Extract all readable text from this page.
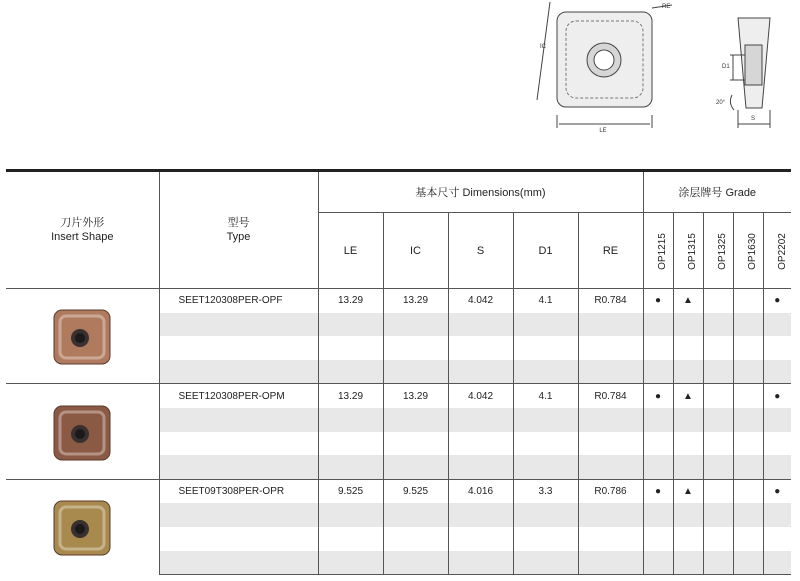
LE
IC
RE
D1
S
20°

刀片外形
Insert Shape	型号
Type	基本尺寸 Dimensions(mm)					涂层牌号 Grade				
		LE	IC	S	D1	RE	OP1215	OP1315	OP1325	OP1630	OP2202

	SEET120308PER-OPF	13.29	13.29	4.042	4.1	R0.784	●	▲			●

	SEET120308PER-OPM	13.29	13.29	4.042	4.1	R0.784	●	▲			●

	SEET09T308PER-OPR	9.525	9.525	4.016	3.3	R0.786	●	▲			●
